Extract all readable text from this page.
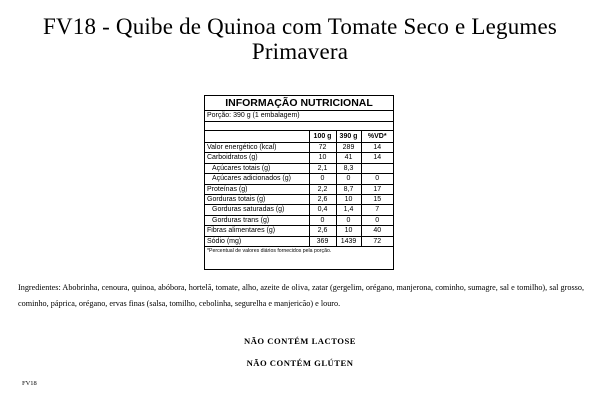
FV18 - Quibe de Quinoa com Tomate Seco e Legumes
Primavera
INFORMAÇÃO NUTRICIONAL
Porção: 390 g (1 embalagem)
	100 g	390 g	%VD*
Valor energético (kcal)	72	289	14
Carboidratos (g)	10	41	14
Açúcares totais (g)	2,1	8,3	
Açúcares adicionados (g)	0	0	0
Proteínas (g)	2,2	8,7	17
Gorduras totais (g)	2,6	10	15
Gorduras saturadas (g)	0,4	1,4	7
Gorduras trans (g)	0	0	0
Fibras alimentares (g)	2,6	10	40
Sódio (mg)	369	1439	72
*Percentual de valores diários fornecidos pela porção.
Ingredientes: Abobrinha, cenoura, quinoa, abóbora, hortelã, tomate, alho, azeite de oliva, zatar (gergelim, orégano, manjerona, cominho, sumagre, sal e tomilho), sal grosso, cominho, páprica, orégano, ervas finas (salsa, tomilho, cebolinha, segurelha e manjericão) e louro.
NÃO CONTÉM LACTOSE
NÃO CONTÉM GLÚTEN
FV18
